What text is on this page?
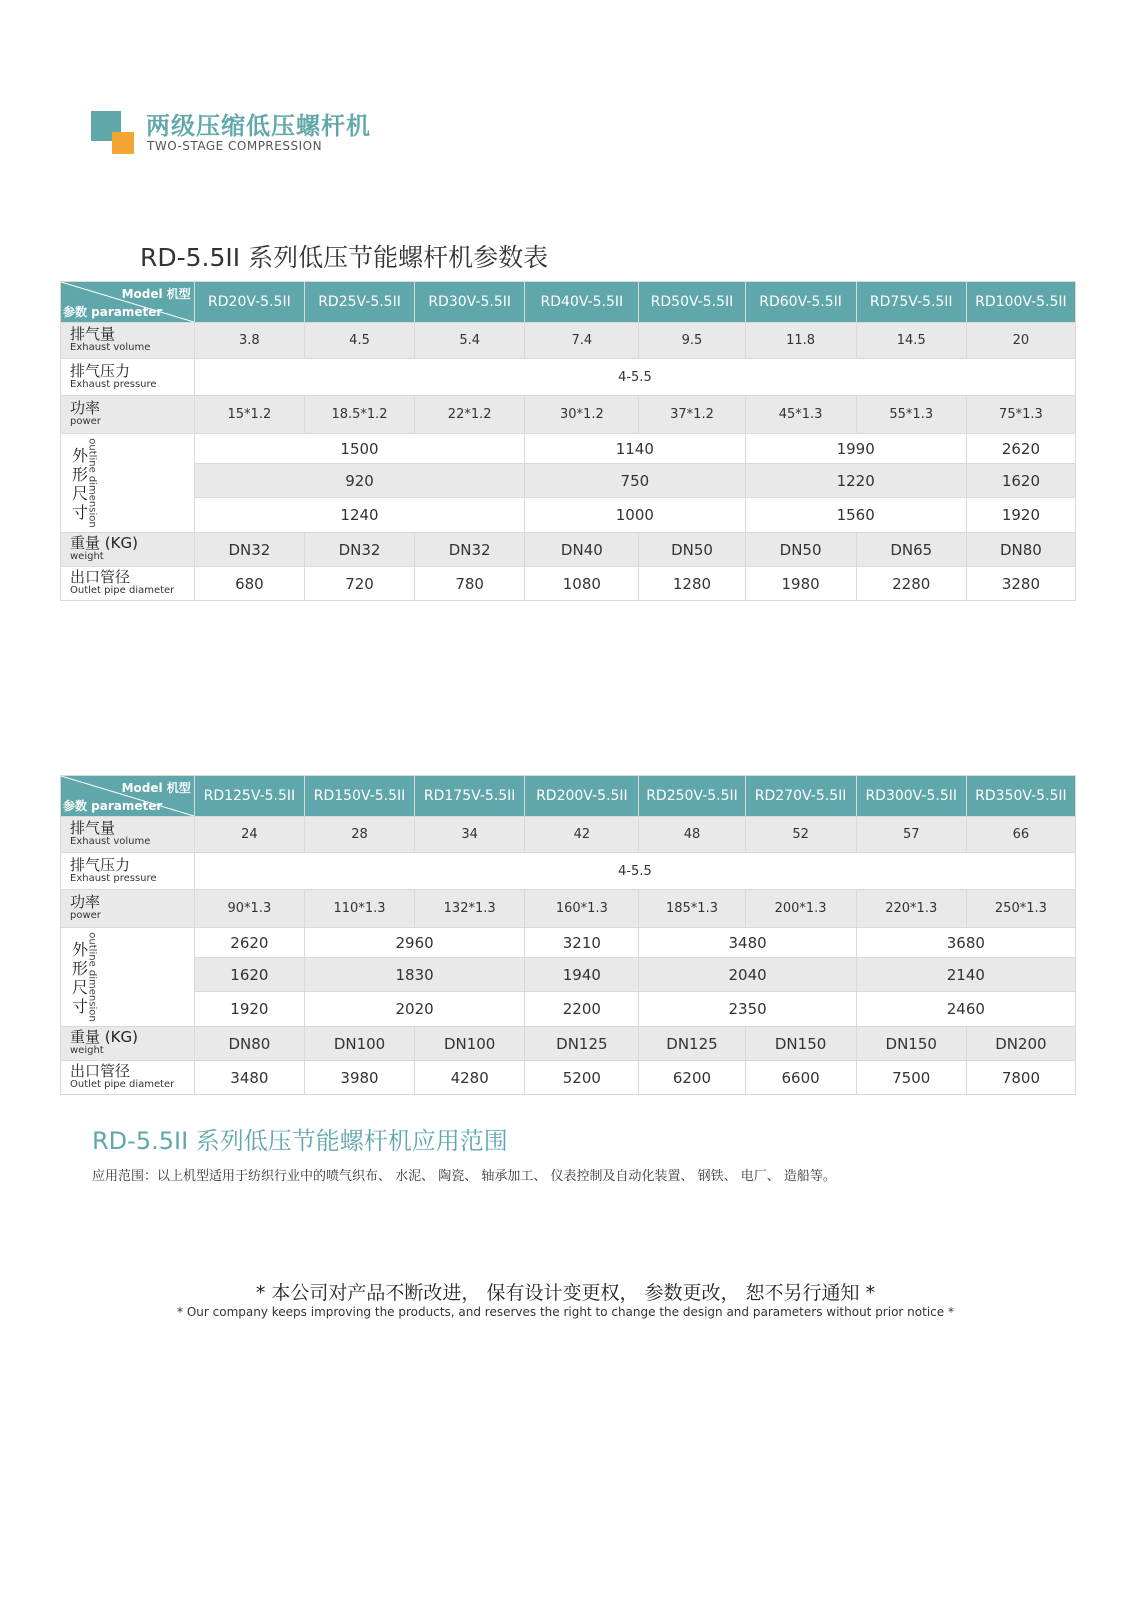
两级压缩低压螺杆机
TWO-STAGE COMPRESSION
RD-5.5II 系列低压节能螺杆机参数表
Model 机型
参数 parameter	RD20V-5.5II	RD25V-5.5II	RD30V-5.5II	RD40V-5.5II	RD50V-5.5II	RD60V-5.5II	RD75V-5.5II	RD100V-5.5II

排气量
Exhaust volume	3.8	4.5	5.4	7.4	9.5	11.8	14.5	20

排气压力
Exhaust pressure	4-5.5							

功率
power	15*1.2	18.5*1.2	22*1.2	30*1.2	37*1.2	45*1.3	55*1.3	75*1.3

外形尺寸
outline dimension		1500			1140		1990		2620
	920			750		1220		1620
	1240			1000		1560		1920

重量 (KG)
weight	DN32	DN32	DN32	DN40	DN50	DN50	DN65	DN80

出口管径
Outlet pipe diameter	680	720	780	1080	1280	1980	2280	3280
Model 机型
参数 parameter	RD125V-5.5II	RD150V-5.5II	RD175V-5.5II	RD200V-5.5II	RD250V-5.5II	RD270V-5.5II	RD300V-5.5II	RD350V-5.5II

排气量
Exhaust volume	24	28	34	42	48	52	57	66

排气压力
Exhaust pressure	4-5.5							

功率
power	90*1.3	110*1.3	132*1.3	160*1.3	185*1.3	200*1.3	220*1.3	250*1.3

外形尺寸
outline dimension		2620	2960		3210	3480		3680	
	1620	1830		1940	2040		2140	
	1920	2020		2200	2350		2460	

重量 (KG)
weight	DN80	DN100	DN100	DN125	DN125	DN150	DN150	DN200

出口管径
Outlet pipe diameter	3480	3980	4280	5200	6200	6600	7500	7800
RD-5.5II 系列低压节能螺杆机应用范围
应用范围：以上机型适用于纺织行业中的喷气织布、 水泥、 陶瓷、 轴承加工、 仪表控制及自动化装置、 钢铁、 电厂、 造船等。
* 本公司对产品不断改进， 保有设计变更权， 参数更改， 恕不另行通知 *
* Our company keeps improving the products, and reserves the right to change the design and parameters without prior notice *
